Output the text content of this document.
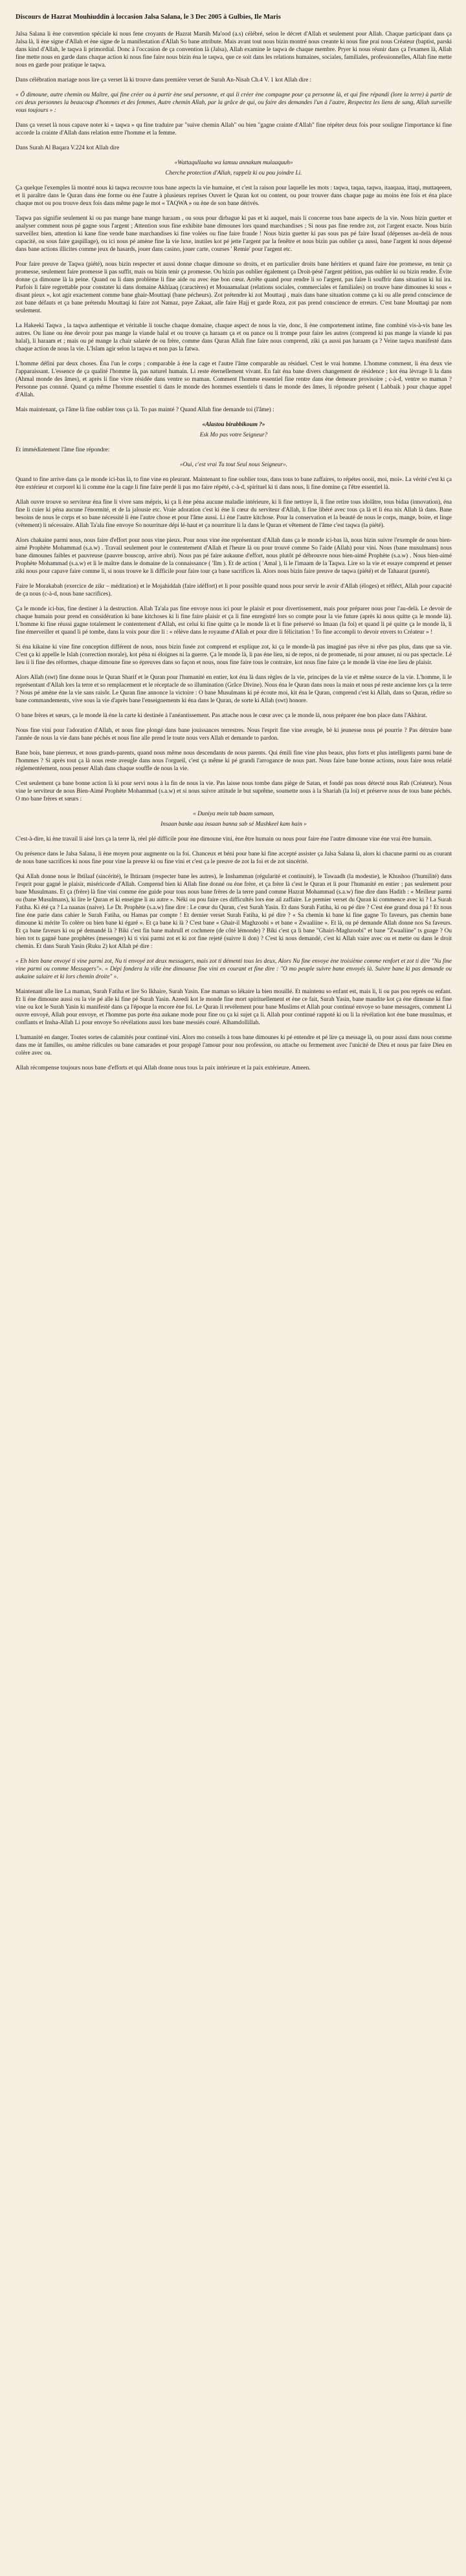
Discours de Hazrat Mouhiuddin à loccasion Jalsa Salana, le 3 Dec 2005 à Gulbies, Ile Maris

Jalsa Salana li ène convention spéciale ki nous fene croyants de Hazrat Marsih Ma'ood (a.s) célébré, selon le décret d'Allah et seulement pour Allah. Chaque participant dans ça Jalsa là, li ène signe d'Allah et ène signe de la manifestation d'Allah So bane attribute. Mais avant tout nous bizin montré nous creante ki nous fine prai nous Créateur (baptist, parski dans kind d'Allah, le taqwa li primordial. Donc à l'occasion de ça convention là (Jalsa), Allah examine le taqwa de chaque membre. Pryer ki nous réunir dans ça l'examen là, Allah fine mette nous en garde dans chaque action ki nous fine faire nous bizin éna le taqwa, que ce soit dans les relations humaines, sociales, familiales, professionnelles, Allah fine mette nous en garde pour pratique le taqwa.

Dans célébration mariage nous lire ça verset là ki trouve dans première verset de Surah An-Nisah Ch.4 V. 1 kot Allah dire :

« Ô dimoune, autre chemin ou Maître, qui fine créer ou à partir ène seul personne, et qui li créer ène compagne pour ça personne là, et qui fine répandi (lore la terre) à partir de ces deux personnes la beaucoup d'hommes et des femmes, Autre chemin Allah, par la grâce de qui, ou faire des demandes l'un à l'autre, Respectez les liens de sang, Allah surveille vous toujours » :

Dans ça verset là nous capave noter ki « taqwa » qu fine traduire par "suive chemin Allah" ou bien "gagne crainte d'Allah" fine répéter deux fois pour souligne l'importance ki fine accorde la crainte d'Allah dans relation entre l'homme et la femme.

Dans Surah Al Baqara V.224 kot Allah dire

«Wattaqullaaha wa lamuu annakum mulaaquuh»

Cherche protection d'Allah, rappelz ki ou pou joindre Li.

Ça quelque l'exemples là montré nous ki taqwa recouvre tous bane aspects la vie humaine, et c'est la raison pour laquelle les mots : taqwa, taqaa, taqwa, itaaqaaa, ittaqi, muttaqeeen, et li paraître dans le Quran dans ène forme ou ène l'autre à plusieurs reprises Ouvert le Quran kot ou content, ou pour trouver dans chaque page au moins ène fois et éna place chaque mot ou pou trouve deux fois dans même page le mot « TAQWA » ou ène de son bane dérivés.

Taqwa pas signifie seulement ki ou pas mange bane mange haraam , ou sous pour dirbague ki pas et ki auquel, mais li concerne tous bane aspects de la vie. Nous bizin guetter et analyser comment nous pé gagne sous l'argent ; Attention sous fine exhibite bane dimounes lors quand marchandises ; Si nous pas fine rendre zot, zot l'argent exacte. Nous bizin surveillez bien, attention ki kane fine vende bane marchandises ki fine volées ou fine faire fraude ! Nous bizin guetter ki pas sous pas pé faire Israaf (dépenses au-delà de nous capacité, ou sous faire gaspillage), ou ici nous pé amène fine la vie luxe, inutiles kot pé jette l'argent par la fenêtre et nous bizin pas oublier ça aussi, bane l'argent ki nous dépensé dans bane actions illicites comme jeux de hasards, jouer dans casino, jouer carte, courses ' Remie' pour l'argent etc.

Pour faire preuve de Taqwa (piété), nous bizin respecter et aussi donne chaque dimoune so droits, et en particulier droits bane héritiers et quand faire ène promesse, en tenir ça promesse, seulement faire promesse li pas suffit, mais ou bizin tenir ça promesse. Ou bizin pas oublier également ça Droit-pésé l'argent pétition, pas oublier ki ou bizin rendre. Évite donne ça dimoune là la peine. Quand ou li dans problème li fine aide ou avec ène bon cœur. Arrête quand pour rendre li so l'argent, pas faire li souffrir dans situation ki lui ira. Parfois li faire regrettable pour constater ki dans domaine Akhlaaq (caractères) et Mouaamalaat (relations sociales, commerciales et familiales) on trouve bane dimounes ki sous « disant pieux », kot agir exactement comme bane ghair-Mouttaqi (bane pécheurs). Zot prétendre ki zot Mouttaqi , mais dans bane situation comme ça ki ou alle prend conscience de zot bane défauts et ça bane prétendu Mouttaqi ki faire zot Namaz, paye Zakaat, alle faire Hajj et garde Roza, zot pas prend conscience de erreurs. C'est bane Mouttaqi par nom seulement.

La Hakeeki Taqwa , la taqwa authentique et véritable li touche chaque domaine, chaque aspect de nous la vie, donc, li ène comportement intime, fine combiné vis-à-vis bane les autres. Ou liane ou ène devoir pour pas mange la viande halal et ou trouve ça haraam ça et ou pance ou li trompe pour faire les autres (comprend ki pas mange la viande ki pas halal), li haraam et ; mais ou pé mange la chair salarée de ou frère, comme dans Quran Allah fine faire nous comprend, ziki ça aussi pas haraam ça ? Veine taqwa manifesté dans chaque action de nous la vie. L'Islam agir selon la taqwa et non pas la fatwa.

L'homme défini par deux choses. Éna l'un le corps ; comparable à ène la cage et l'autre l'âme comparable au résiduel. C'est le vrai homme. L'homme comment, li éna deux vie l'apparaissant. L'essence de ça qualité l'homme là, pas naturel humain. Li reste éternellement vivant. En fait éna bane divers changement de résidence ; kot éna lèvrage li la dans (Ahmal monde des âmes), et après li fine vivre résidée dans ventre so maman. Comment l'homme essentiel fine rentre dans ène demeure provisoire ; c-à-d, ventre so maman ? Personne pas connné. Quand ça même l'homme essentiel ti dans le monde des hommes essentiels ti dans le monde des âmes, li répondre présent ( Labbaik ) pour chaque appel d'Allah.

Mais maintenant, ça l'âme là fine oublier tous ça là. To pas mainté ? Quand Allah fine demande toi (l'âme) :

«Alastou birabbikoum ?»

Esk Mo pas votre Seigneur?

Et immédiatement l'âme fine répondre:

«Oui, c'est vrai Tu tout Seul nous Seigneur».

Quand to fine arrive dans ça le monde ici-bas là, to fine vine en pleurant. Maintenant to fine oublier tous, dans tous to bane zaffaires, to répétes oooii, moi, moi». La vérité c'est ki ça être extérieur et corporel ki li comme ène la cage li fine faire perdé li pas mo faire répété, c-à-d, spirituel ki ti dans nous, li fine domine ça l'être essentiel là.

Allah ouvre trouve so serviteur éna fine li vivre sans mépris, ki ça li ène péna aucune maladie intérieure, ki li fine nettoye li, li fine retire tous idolâtre, tous bidaa (innovation), éna fine li cuier ki péna aucune l'énormité, et de la jalousie etc. Vraie adoration c'est ki éne li cœur du serviteur d'Allah, li fine libéré avec tous ça là et li éna nix Allah là dans. Bane besoins de nous le corps et so bane nécessité li ène l'autre chose et pour l'âme aussi. Li ène l'autre kitchose. Pour la conservation et la beauté de nous le corps, mange, boire, et linge (vêtement) li nécessaire. Allah Ta'ala fine envoye So nourriture dépi lé-haut et ça nourriture li la dans le Quran et vêtement de l'âme c'est taqwa (la piété).

Alors chakaine parmi nous, nous faire d'effort pour nous vine pieux. Pour nous vine ène représentant d'Allah dans ça le monde ici-bas là, nous bizin suivre l'exemple de nous bien-aimé Prophète Mohammad (s.a.w) . Travail seulement pour le contentement d'Allah et l'heure là ou pour trouvé comme So l'aide (Allah) pour vini. Nous (bane musulmans) nous bane dimounes faibles et pauvreuse (pauvre bouscop, arrive abri). Nous pas pé faire aukaune d'effort, nous plutôt pé débrouvre nous bien-aimé Prophète (s.a.w) . Nous bien-aimé Prophète Mohammad (s.a.w) et li le maître dans le domaine de la connaissance ( 'Ilm ). Et de action ( 'Amal ), li le l'imaam de la Taqwa. Lire so la vie et essaye comprend et penser ziki nous pour capave faire comme li, si nous trouve ke li difficile pour faire tour ça bane sacrifices là. Alors nous bizin faire preuve de taqwa (piété) et de Tahaarat (pureté).

Faire le Morakabah (exercice de zikr – méditation) et le Mojahiddah (faire idéffort) et li pour possible quand nous pour servir le avoir d'Allah (éloges) et réfléct, Allah pour capacité de ça nous (c-à-d, nous bane sacrifices).

Ça le monde ici-bas, fine destiner à la destruction. Allah Ta'ala pas fine envoye nous ici pour le plaisir et pour divertissement, mais pour préparer nous pour l'au-delà. Le devoir de chaque humain pour prend en considération ki bane kitchoses ki li fine faire plaisir et ça li fine enregistré lors so compte pour la vie future (après ki nous quitte ça le monde là). L'homme ki fine réussi gagne totalement le contentement d'Allah, est celui ki fine quitte ça le monde là et li fine préservé so Imaan (la foi) et quand li pé quitte ça le monde là, li fine émerveiller et quand li pé tombe, dans la voix pour dire li : « rélève dans le royaume d'Allah et pour dire li félicitation ! To fine accompli to devoir envers to Créateur » !

Si éna kikaine ki vine fine conception différent de nous, nous bizin fusée zot comprend et explique zot, ki ça le monde-là pas imaginé pas rêve ni rêve pas plus, dans que sa vie. C'est ça ki appelle le Islah (correction morale), kot péna ni éloignes ni la guerre. Ça le monde là, li pas éne lieu, ni de repos, ni de promenade, ni pour amuser, ni ou pas spectacle. Lé lieu ii li fine des réformes, chaque dimoune fine so épreuves dans so façon et nous, nous fine faire tous le contraire, kot nous fine faire ça le monde là vine ène lieu de plaisir.

Alors Allah (swt) fine donne nous le Quran Sharif et le Quran pour l'humanité en entier, kot éna là dans règles de la vie, principes de la vie et même source de la vie. L'homme, li le représentant d'Allah lors la terre et so remplacement et le réceptacle de so illumination (Grâce Divine). Nous éna le Quran dans nous la main et nous pé reste ancienne lors ça la terre ? Nous pé amène éne la vie sans raisôr. Le Quran fine annonce la victoire : O bane Musulmans ki pé écoute moi, kit éna le Quran, comprend c'est ki Allah, dans so Quran, rédire so bane commandements, vive sous la vie d'après bane l'enseignements ki éna dans le Quran, de sorte ki Allah (swt) honore.

O bane frères et sœurs, ça le monde là éne la carte ki destinée à l'anéantissement. Pas attache nous le cœur avec ça le monde là, nous préparer éne bon place dans l'Akhirat.

Nous fine vini pour l'adoration d'Allah, et nous fine plongé dans bane jouissances terrestres. Nous l'esprit fine vine aveugle, bè ki jeunesse nous pé pourrie ? Pas détruire bane l'année de nous la vie dans bane péchés et nous fine alle prend le toute nous vers Allah et demande to pardon.

Bane bois, bane pierreux, et nous grands-parents, quand nous même nous descendants de nous parents. Qui émili fine vine plus beaux, plus forts et plus intelligents parmi bane de l'hommes ? Si après tout ça là nous reste aveugle dans nous l'orgueil, c'est ça même ki pé grandi l'arrogance de nous part. Nous faire bane bonne actions, nous faire nous relatié réglementéement, nous penser Allah dans chaque souffle de nous la vie.

C'est seulement ça bane bonne action là ki pour servi nous à la fin de nous la vie. Pas laisse nous tombe dans piège de Satan, et fondé pas nous détecté nous Rab (Créateur). Nous vine le serviteur de nous Bien-Aimé Prophète Mohammad (s.a.w) et si nous suivre attitude le but suprême, soumette nous à la Shariah (la loi) et préserve nous de tous bane péchés. O mo bane frères et sœurs :

« Duniya mein tab baam samaan,

Insaan banke aaa insaan banna sab sé Mashkeel kam hain »

C'est-à-dire, ki ène travail li aisé lors ça la terre là, réel plé difficile pour ène dimoune vini, ène être humain ou nous pour faire éne l'autre dimoune vine éne vrai être humain.

Ou présence dans le Jalsa Salana, li ène moyen pour augmente ou la foi. Chanceux et béni pour bane ki fine accepté assister ça Jalsa Salana là, alors ki chacune parmi ou as courant de nous bane sacrifices ki nous fine pour vine la preuve ki ou fine vini et c'est ça le preuve de zot la foi et de zot sincérité.

Qui Allah donne nous le Ibtilaaf (sincérité), le Ihtiraam (respecter bane les autres), le Inshamman (régularité et continuité), le Tawaadh (la modestie), le Khushoo (l'humilité) dans l'esprit pour gagné le plaisir, miséricorde d'Allah. Comprend bien ki Allah fine donné ou éne frère, et ça frère là c'est le Quran et li pour l'humanité en entier ; pas seulement pour bane Musulmans. Et ça (frère) là fine vini comme éne guide pour tous nous bane frères de la terre pand comme Hazrat Mohammad (s.a.w) fine dire dans Hadith : « Meilleur parmi ou (bane Musulmans), ki lire le Quran et ki enseigne li au autre ». Néki ou pou faire ces difficultés lors éne ail zaffaire. Le premier verset du Quran ki commence avec ki ? La Surah Fatiha. Ki été ça ? La naanas (naive). Le Dr. Prophète (s.a.w) fine dire : Le cœur du Quran, c'est Surah Yasin. Et dans Surah Fatiha, ki ou pé dire ? C'est éne grand doua pá ! Et nous fine ène parie dans cahier le Surah Fatiha, ou Hamas par compte ! Et dernier verset Surah Fatiha, ki pé dire ? « Sa chemin ki bane ki fine gagne To faveurs, pas chemin bane dimoune ki mérite To colère ou bien bane ki égaré ». Et ça bane ki là ? C'est bane « Ghair-il Maghzoobi » et bane « Zwaaliine ». Et là, ou pé demande Allah donne nos Sa faveurs. Et ça bane faveurs ki ou pé demandé là ? Biki c'est fin bane mahrull et cochmere (de côté lémonde) ? Biki c'est ça li bane "Ghairi-Maghzoobi" et bane "Zwaaliine" ts guage ? Ou bien tot ts gagné bane prophètes (messenger) ki ti vini parmi zot et ki zot fine rejeté (suivre li don) ? C'est ki nous demandé, c'est ki Allah vaire avec ou et mette ou dans le droit chemin. Et dans Surah Yasin (Ruku 2) kot Allah pé dire :

« Eh bien bane envoyé ti vine parmi zot, Nu ti envoyé zot deux messagers, mais zot ti démenti tous les deux, Alors Nu fine envoye ène troisième comme renfort et zot ti dire "Nu fine vine parmi ou comme Messagers"». « Dépi fondera la ville ène dimounse fine vini en courant et fine dire : "O mo peuple suivre bane envoyés là. Suivre bane ki pas demande ou aukaine salaire et ki lors chemin droite" ».

Maintenant alle lire La maman, Surah Fatiha et lire So Ikhaire, Surah Yasin. Ene maman so lékaire la bien mouillé. Et maintenu so enfant est, mais li, li ou pas pou représ ou enfant. Et li éne dimoune aussi ou la vie pé alle ki fine pé Surah Yasin. Azeedi kot le monde fine mort spirituellement et ène ce fait, Surah Yasin, bane maudite kot ça éne dimoune ki fine vine ou kot le Surah Yasin ki manifesté dans ça l'époque la encore ène foi. Le Quran li revélement pour bane Muslims et Allah pour continué envoye so bane messagers, comment Li ouvre envoyé, Allah pour envoye, et l'homme pas porte éna aukane mode pour fine ou ça ki sujet ça li. Allah pour continué rappoté ki ou li la révélation kot éne bane musulmas, et conflants et Insha-Allah Li pour envoye So révélations aussi lors bane messiés couré. Alhamdollillah.

L'humanité en danger. Toutes sortes de calamités pour continué vini. Alors mo conseils à tous bane dimounes ki pé entendre et pé lire ça message là, ou pour aussi dans nous comme dans me ùt familles, ou amène ridicules ou bane camarades et pour propagé l'amour pour nou profession, ou attache ou fermement avec l'unicité de Dieu et nous par faire Dieu en colère avec ou.

Allah récompense toujours nous bane d'efforts et qui Allah donne nous tous la paix intérieure et la paix extérieure. Ameen.
